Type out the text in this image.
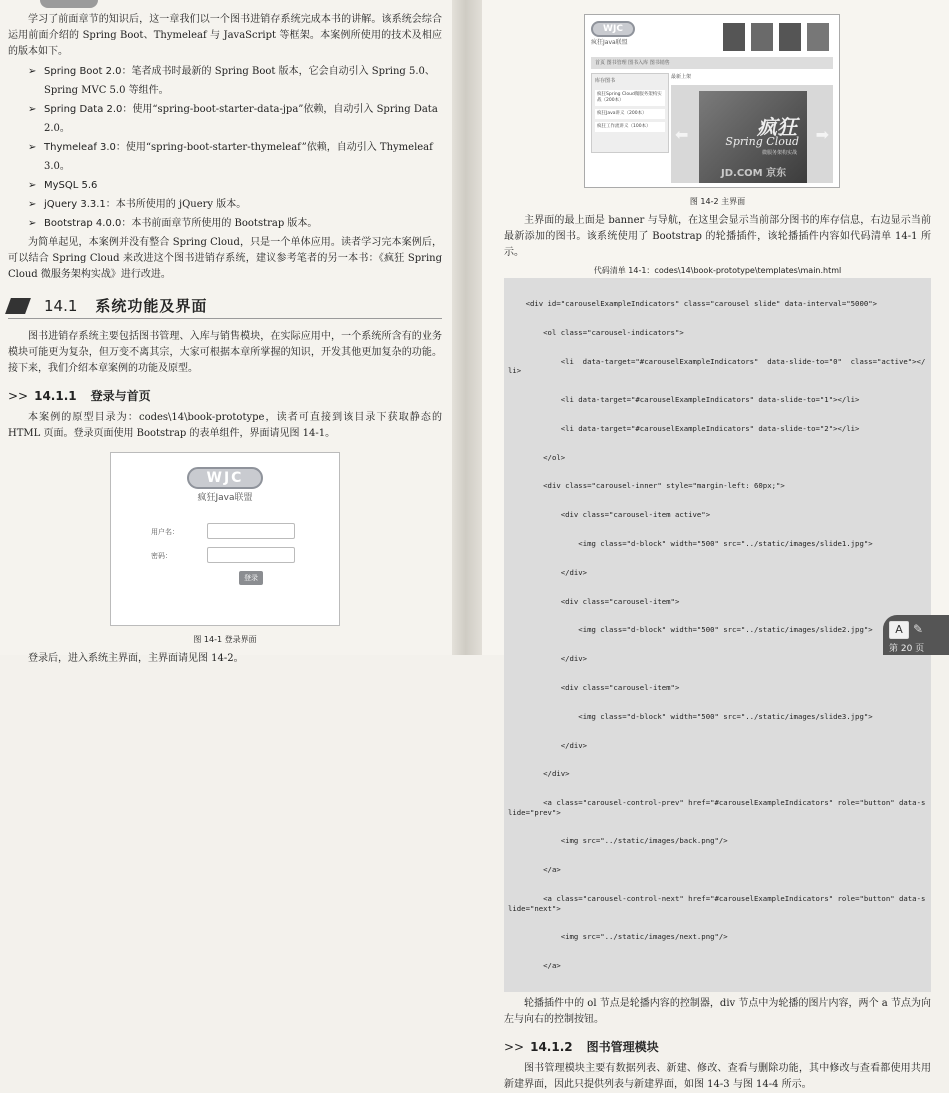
学习了前面章节的知识后，这一章我们以一个图书进销存系统完成本书的讲解。该系统会综合运用前面介绍的 Spring Boot、Thymeleaf 与 JavaScript 等框架。本案例所使用的技术及相应的版本如下。

➢ Spring Boot 2.0：笔者成书时最新的 Spring Boot 版本，它会自动引入 Spring 5.0、Spring MVC 5.0 等组件。
➢ Spring Data 2.0：使用“spring-boot-starter-data-jpa”依赖，自动引入 Spring Data 2.0。
➢ Thymeleaf 3.0：使用“spring-boot-starter-thymeleaf”依赖，自动引入 Thymeleaf 3.0。
➢ MySQL 5.6
➢ jQuery 3.3.1：本书所使用的 jQuery 版本。
➢ Bootstrap 4.0.0：本书前面章节所使用的 Bootstrap 版本。

为简单起见，本案例并没有整合 Spring Cloud，只是一个单体应用。读者学习完本案例后，可以结合 Spring Cloud 来改进这个图书进销存系统，建议参考笔者的另一本书：《疯狂 Spring Cloud 微服务架构实战》进行改进。

14.1	系统功能及界面

图书进销存系统主要包括图书管理、入库与销售模块，在实际应用中，一个系统所含有的业务模块可能更为复杂，但万变不离其宗，大家可根据本章所掌握的知识，开发其他更加复杂的功能。接下来，我们介绍本章案例的功能及原型。

>> 14.1.1 登录与首页

本案例的原型目录为：codes\14\book-prototype，读者可直接到该目录下获取静态的 HTML 页面。登录页面使用 Bootstrap 的表单组件，界面请见图 14-1。

WJC
疯狂Java联盟
用户名：
密码：
登录
图 14-1 登录界面

登录后，进入系统主界面，主界面请见图 14-2。

WJC
疯狂Java联盟
首页 图书管理 图书入库 图书销售
库存图书
疯狂Spring Cloud微服务架构实战（200本）
疯狂Java讲义（200本）
疯狂工作流讲义（100本）
最新上架
疯狂
Spring Cloud
微服务架构实战
JD.COM 京东
⬅	➡
图 14-2 主界面

主界面的最上面是 banner 与导航，在这里会显示当前部分图书的库存信息，右边显示当前最新添加的图书。该系统使用了 Bootstrap 的轮播插件，该轮播插件内容如代码清单 14-1 所示。

代码清单 14-1：codes\14\book-prototype\templates\main.html

<div id="carouselExampleIndicators" class="carousel slide" data-interval="5000">

<ol class="carousel-indicators">

<li  data-target="#carouselExampleIndicators"  data-slide-to="0"  class="active"></li>

<li data-target="#carouselExampleIndicators" data-slide-to="1"></li>

<li data-target="#carouselExampleIndicators" data-slide-to="2"></li>

</ol>

<div class="carousel-inner" style="margin-left: 60px;">

<div class="carousel-item active">

<img class="d-block" width="500" src="../static/images/slide1.jpg">

</div>

<div class="carousel-item">

<img class="d-block" width="500" src="../static/images/slide2.jpg">

</div>

<div class="carousel-item">

<img class="d-block" width="500" src="../static/images/slide3.jpg">

</div>

</div>

<a class="carousel-control-prev" href="#carouselExampleIndicators" role="button" data-slide="prev">

<img src="../static/images/back.png"/>

</a>

<a class="carousel-control-next" href="#carouselExampleIndicators" role="button" data-slide="next">

<img src="../static/images/next.png"/>

</a>

轮播插件中的 ol 节点是轮播内容的控制器，div 节点中为轮播的图片内容，两个 a 节点为向左与向右的控制按钮。

>> 14.1.2 图书管理模块

图书管理模块主要有数据列表、新建、修改、查看与删除功能，其中修改与查看都使用共用新建界面，因此只提供列表与新建界面，如图 14-3 与图 14-4 所示。

A ✎
第 20 页
